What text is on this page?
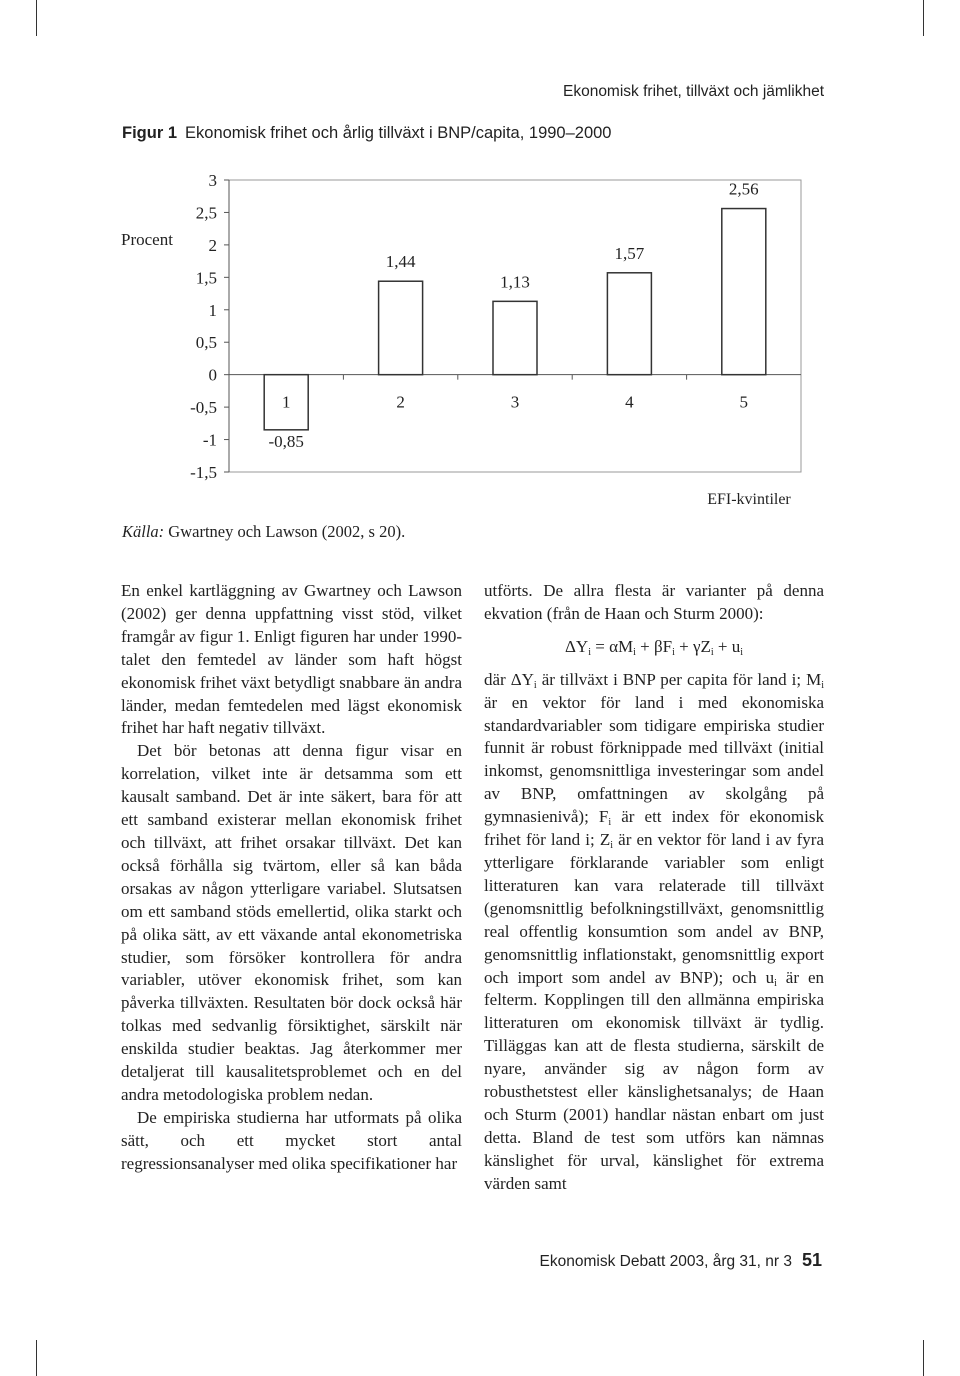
Ekonomisk frihet, tillväxt och jämlikhet
Figur 1 Ekonomisk frihet och årlig tillväxt i BNP/capita, 1990–2000
3
2,5
2
1,5
1
0,5
0
-0,5
-1
-1,5
Procent
-0,85
1
1,44
2
1,13
3
1,57
4
2,56
5
EFI-kvintiler
Källa: Gwartney och Lawson (2002, s 20).

En enkel kartläggning av Gwartney och Lawson (2002) ger denna uppfattning visst stöd, vilket framgår av figur 1. Enligt figuren har under 1990-talet den femtedel av länder som haft högst ekonomisk frihet växt betydligt snabbare än andra länder, medan femtedelen med lägst ekonomisk frihet har haft negativ tillväxt.

Det bör betonas att denna figur visar en korrelation, vilket inte är detsamma som ett kausalt samband. Det är inte säkert, bara för att ett samband existerar mellan ekonomisk frihet och tillväxt, att frihet orsakar tillväxt. Det kan också förhålla sig tvärtom, eller så kan båda orsakas av någon ytterligare variabel. Slutsatsen om ett samband stöds emellertid, olika starkt och på olika sätt, av ett växande antal ekonometriska studier, som försöker kontrollera för andra variabler, utöver ekonomisk frihet, som kan påverka tillväxten. Resultaten bör dock också här tolkas med sedvanlig försiktighet, särskilt när enskilda studier beaktas. Jag återkommer mer detaljerat till kausalitetsproblemet och en del andra metodologiska problem nedan.

De empiriska studierna har utformats på olika sätt, och ett mycket stort antal regressionsanalyser med olika specifikationer har

utförts. De allra flesta är varianter på denna ekvation (från de Haan och Sturm 2000):

$\Delta Y_i = \alpha M_i + \beta F_i + \gamma Z_i + u_i$

där $\Delta Y_i$ är tillväxt i BNP per capita för land i; $M_i$ är en vektor för land i med ekonomiska standardvariabler som tidigare empiriska studier funnit är robust förknippade med tillväxt (initial inkomst, genomsnittliga investeringar som andel av BNP, omfattningen av skolgång på gymnasienivå); $F_i$ är ett index för ekonomisk frihet för land i; $Z_i$ är en vektor för land i av fyra ytterligare förklarande variabler som enligt litteraturen kan vara relaterade till tillväxt (genomsnittlig befolkningstillväxt, genomsnittlig real offentlig konsumtion som andel av BNP, genomsnittlig inflationstakt, genomsnittlig export och import som andel av BNP); och $u_i$ är en felterm. Kopplingen till den allmänna empiriska litteraturen om ekonomisk tillväxt är tydlig. Tilläggas kan att de flesta studierna, särskilt de nyare, använder sig av någon form av robusthetstest eller känslighetsanalys; de Haan och Sturm (2001) handlar nästan enbart om just detta. Bland de test som utförs kan nämnas känslighet för urval, känslighet för extrema värden samt

Ekonomisk Debatt 2003, årg 31, nr 3 51
